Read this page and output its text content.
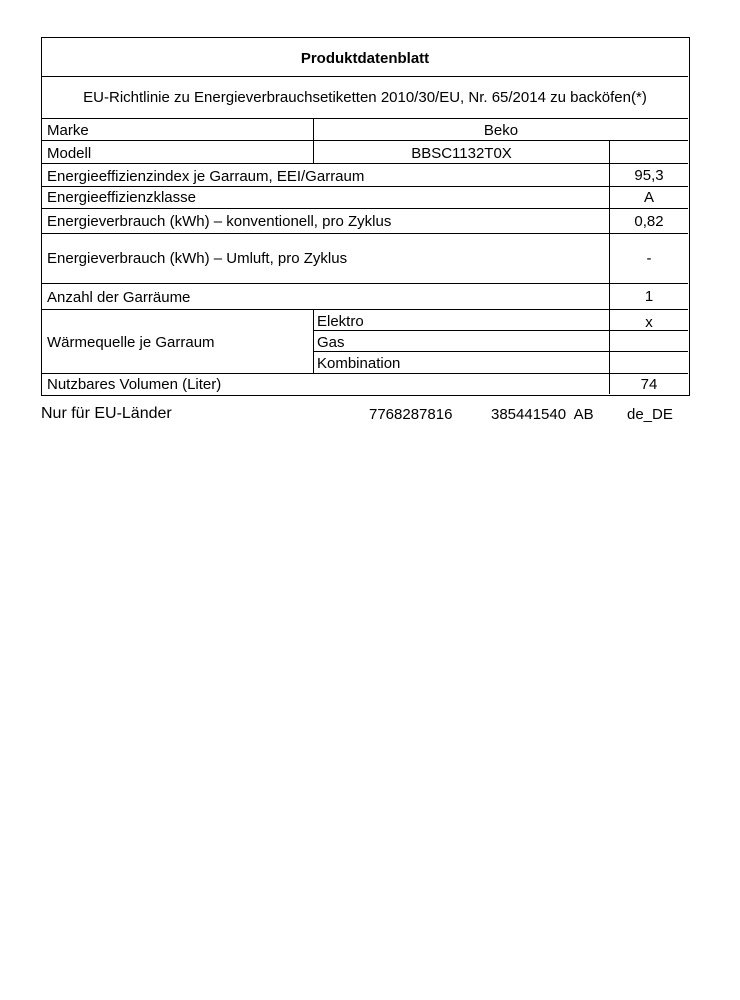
Produktdatenblatt
EU-Richtlinie zu Energieverbrauchsetiketten 2010/30/EU, Nr. 65/2014 zu backöfen(*)
Marke	Beko
Modell	BBSC1132T0X
Energieeffizienzindex je Garraum, EEI/Garraum	95,3
Energieeffizienzklasse	A
Energieverbrauch (kWh) – konventionell, pro Zyklus	0,82
Energieverbrauch (kWh) – Umluft, pro Zyklus	-
Anzahl der Garräume	1
Wärmequelle je Garraum
Elektro	x
Gas
Kombination
Nutzbares Volumen (Liter)	74
Nur für EU-Länder	7768287816	385441540  AB de_DE
